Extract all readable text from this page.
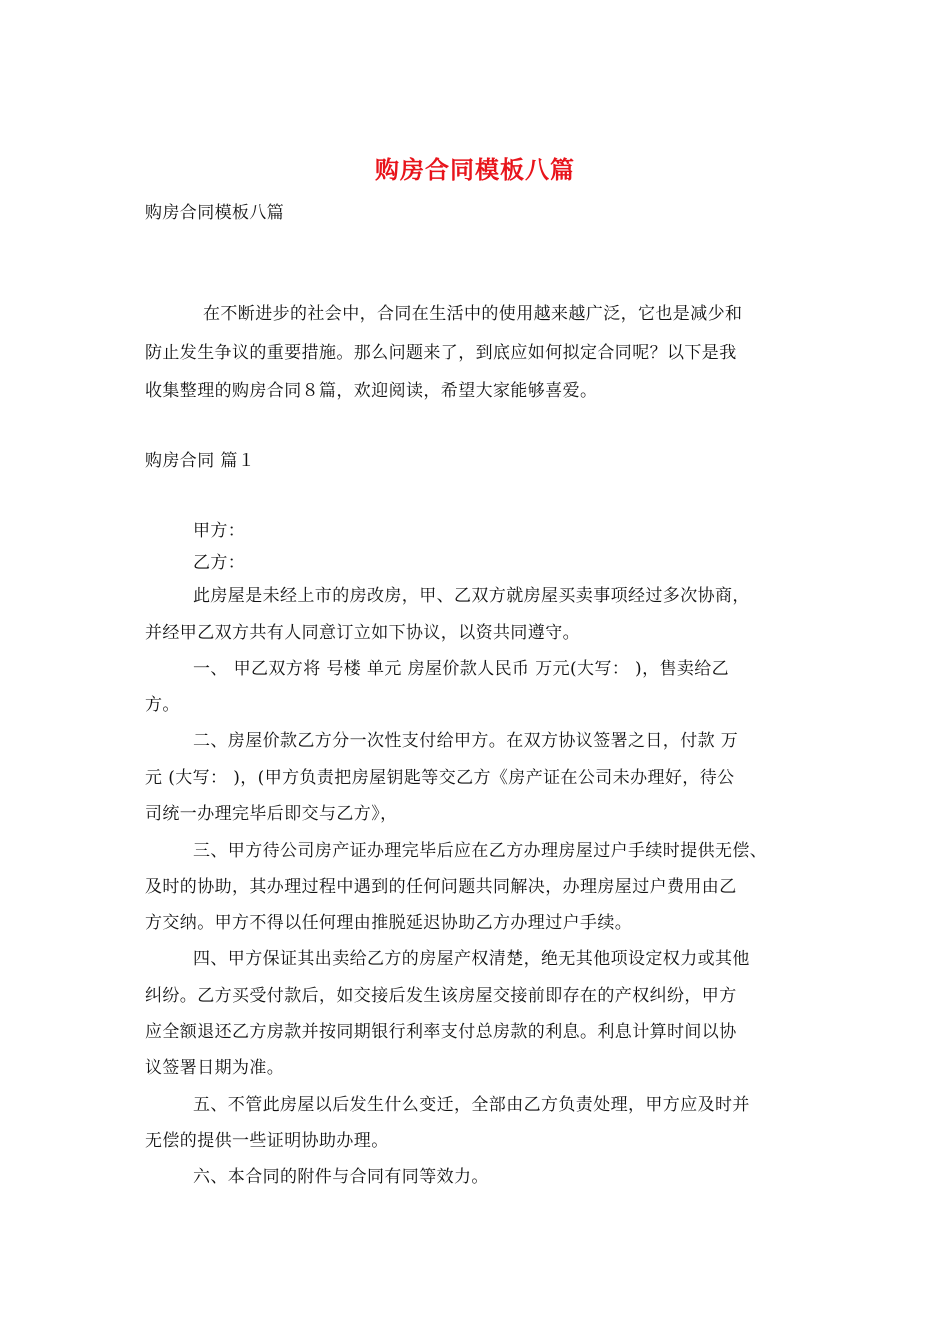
购房合同模板八篇
购房合同模板八篇
在不断进步的社会中，合同在生活中的使用越来越广泛，它也是减少和
防止发生争议的重要措施。那么问题来了，到底应如何拟定合同呢？以下是我
收集整理的购房合同８篇，欢迎阅读，希望大家能够喜爱。
购房合同 篇１
甲方：
乙方：
此房屋是未经上市的房改房，甲、乙双方就房屋买卖事项经过多次协商，
并经甲乙双方共有人同意订立如下协议，以资共同遵守。
一、 甲乙双方将 号楼 单元 房屋价款人民币 万元(大写： )，售卖给乙
方。
二、房屋价款乙方分一次性支付给甲方。在双方协议签署之日，付款 万
元 (大写： )，(甲方负责把房屋钥匙等交乙方《房产证在公司未办理好，待公
司统一办理完毕后即交与乙方》，
三、甲方待公司房产证办理完毕后应在乙方办理房屋过户手续时提供无偿、
及时的协助，其办理过程中遇到的任何问题共同解决，办理房屋过户费用由乙
方交纳。甲方不得以任何理由推脱延迟协助乙方办理过户手续。
四、甲方保证其出卖给乙方的房屋产权清楚，绝无其他项设定权力或其他
纠纷。乙方买受付款后，如交接后发生该房屋交接前即存在的产权纠纷，甲方
应全额退还乙方房款并按同期银行利率支付总房款的利息。利息计算时间以协
议签署日期为准。
五、不管此房屋以后发生什么变迁，全部由乙方负责处理，甲方应及时并
无偿的提供一些证明协助办理。
六、本合同的附件与合同有同等效力。
